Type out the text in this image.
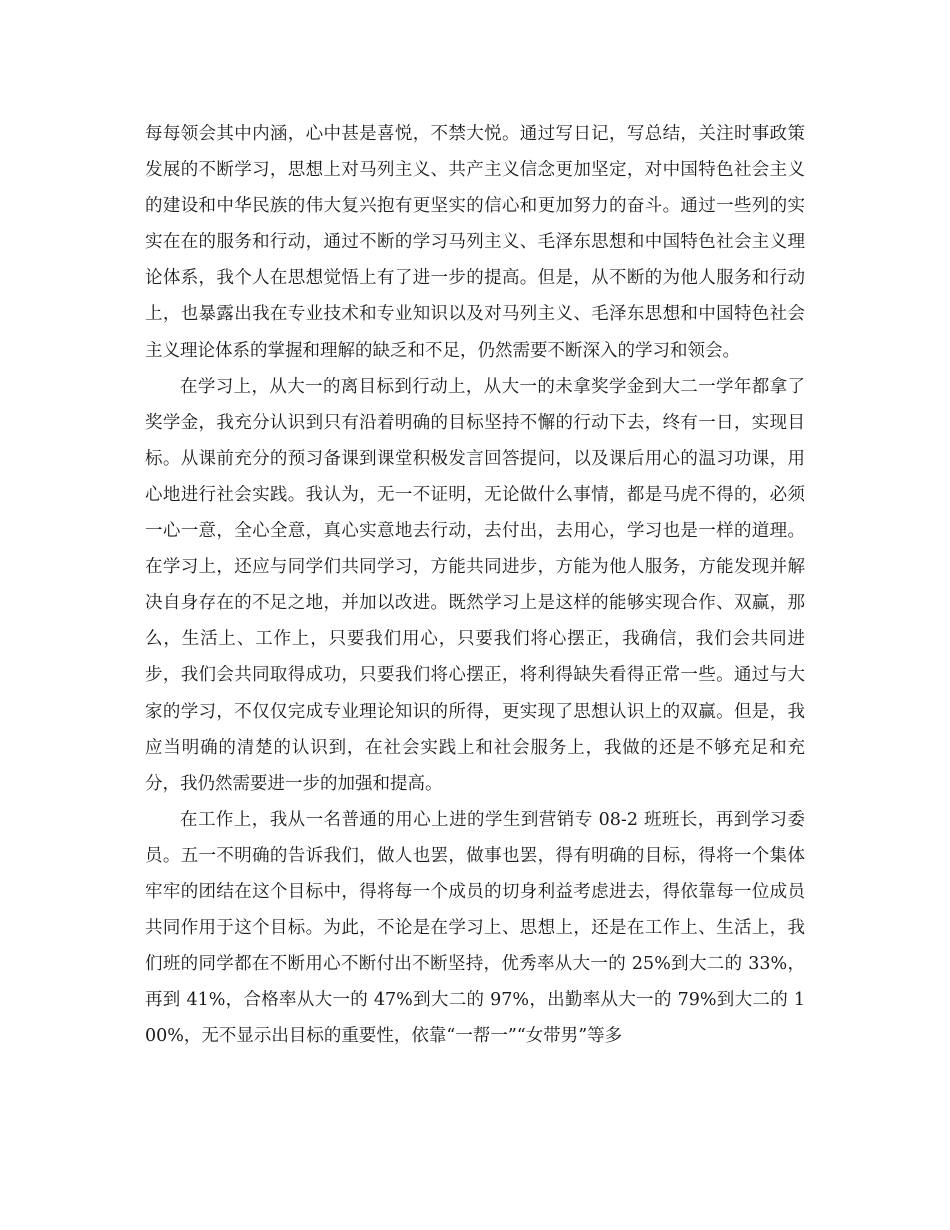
每每领会其中内涵，心中甚是喜悦，不禁大悦。通过写日记，写总结，关注时事政策发展的不断学习，思想上对马列主义、共产主义信念更加坚定，对中国特色社会主义的建设和中华民族的伟大复兴抱有更坚实的信心和更加努力的奋斗。通过一些列的实实在在的服务和行动，通过不断的学习马列主义、毛泽东思想和中国特色社会主义理论体系，我个人在思想觉悟上有了进一步的提高。但是，从不断的为他人服务和行动上，也暴露出我在专业技术和专业知识以及对马列主义、毛泽东思想和中国特色社会主义理论体系的掌握和理解的缺乏和不足，仍然需要不断深入的学习和领会。

在学习上，从大一的离目标到行动上，从大一的未拿奖学金到大二一学年都拿了奖学金，我充分认识到只有沿着明确的目标坚持不懈的行动下去，终有一日，实现目标。从课前充分的预习备课到课堂积极发言回答提问，以及课后用心的温习功课，用心地进行社会实践。我认为，无一不证明，无论做什么事情，都是马虎不得的，必须一心一意，全心全意，真心实意地去行动，去付出，去用心，学习也是一样的道理。在学习上，还应与同学们共同学习，方能共同进步，方能为他人服务，方能发现并解决自身存在的不足之地，并加以改进。既然学习上是这样的能够实现合作、双赢，那么，生活上、工作上，只要我们用心，只要我们将心摆正，我确信，我们会共同进步，我们会共同取得成功，只要我们将心摆正，将利得缺失看得正常一些。通过与大家的学习，不仅仅完成专业理论知识的所得，更实现了思想认识上的双赢。但是，我应当明确的清楚的认识到，在社会实践上和社会服务上，我做的还是不够充足和充分，我仍然需要进一步的加强和提高。

在工作上，我从一名普通的用心上进的学生到营销专 08-2 班班长，再到学习委员。五一不明确的告诉我们，做人也罢，做事也罢，得有明确的目标，得将一个集体牢牢的团结在这个目标中，得将每一个成员的切身利益考虑进去，得依靠每一位成员共同作用于这个目标。为此，不论是在学习上、思想上，还是在工作上、生活上，我们班的同学都在不断用心不断付出不断坚持，优秀率从大一的 25%到大二的 33%，再到 41%，合格率从大一的 47%到大二的 97%，出勤率从大一的 79%到大二的 100%，无不显示出目标的重要性，依靠“一帮一”“女带男”等多
